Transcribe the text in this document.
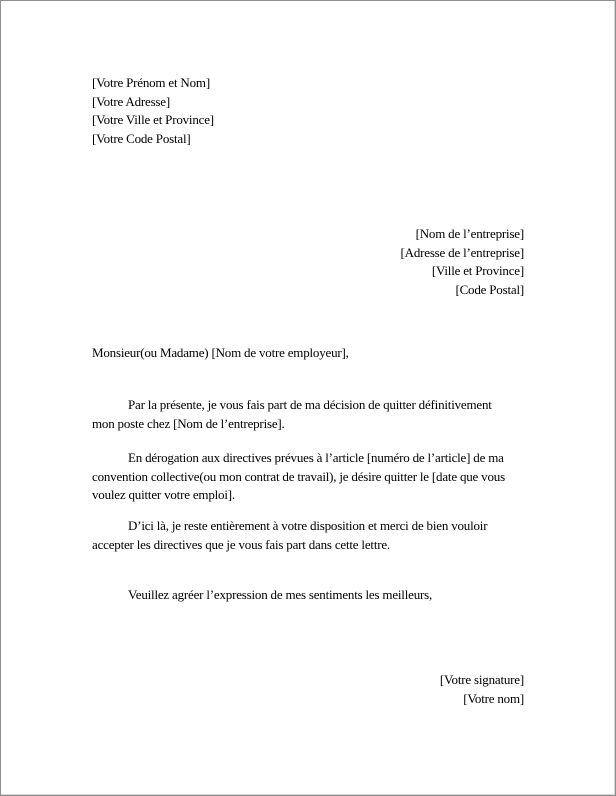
[Votre Prénom et Nom]
[Votre Adresse]
[Votre Ville et Province]
[Votre Code Postal]
[Nom de l’entreprise]
[Adresse de l’entreprise]
[Ville et Province]
[Code Postal]
Monsieur(ou Madame) [Nom de votre employeur],
Par la présente, je vous fais part de ma décision de quitter définitivement
mon poste chez [Nom de l’entreprise].
En dérogation aux directives prévues à l’article [numéro de l’article] de ma
convention collective(ou mon contrat de travail), je désire quitter le [date que vous
voulez quitter votre emploi].
D’ici là, je reste entièrement à votre disposition et merci de bien vouloir
accepter les directives que je vous fais part dans cette lettre.
Veuillez agréer l’expression de mes sentiments les meilleurs,
[Votre signature]
[Votre nom]
